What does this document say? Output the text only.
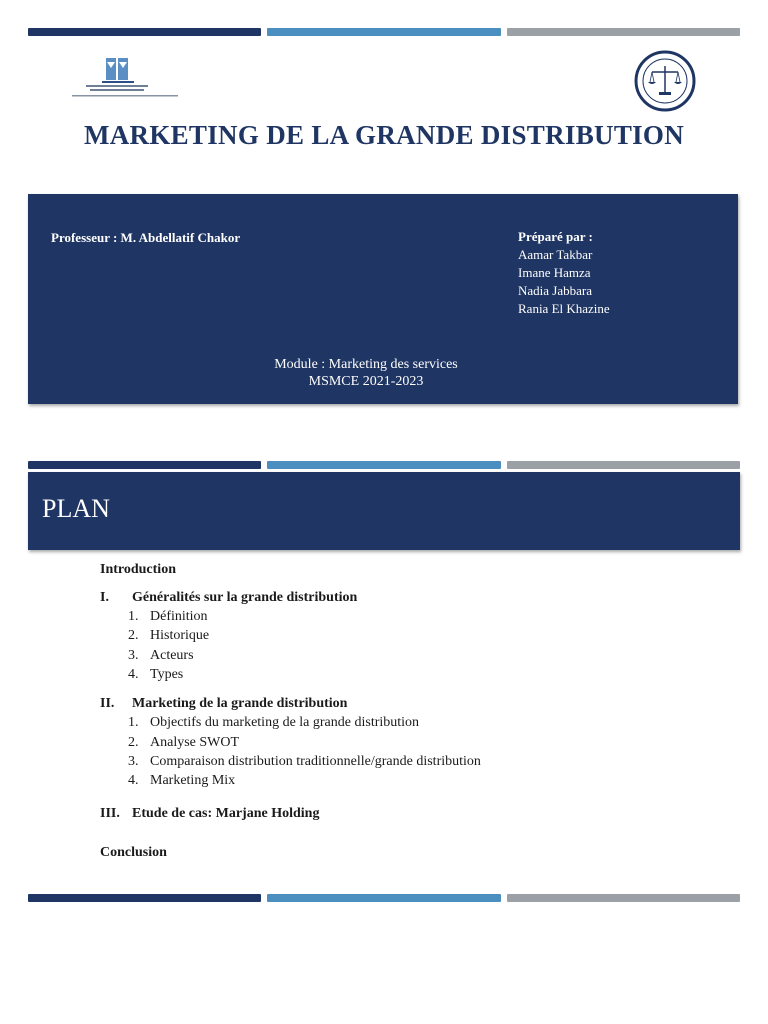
MARKETING DE LA GRANDE DISTRIBUTION
Professeur : M. Abdellatif Chakor	Préparé par :
Aamar Takbar
Imane Hamza
Nadia Jabbara
Rania El Khazine
Module : Marketing des services
MSMCE 2021-2023
PLAN
Introduction
I. Généralités sur la grande distribution
1. Définition
2. Historique
3. Acteurs
4. Types
II. Marketing de la grande distribution
1. Objectifs du marketing de la grande distribution
2. Analyse SWOT
3. Comparaison distribution traditionnelle/grande distribution
4. Marketing Mix
III. Etude de cas: Marjane Holding
Conclusion
